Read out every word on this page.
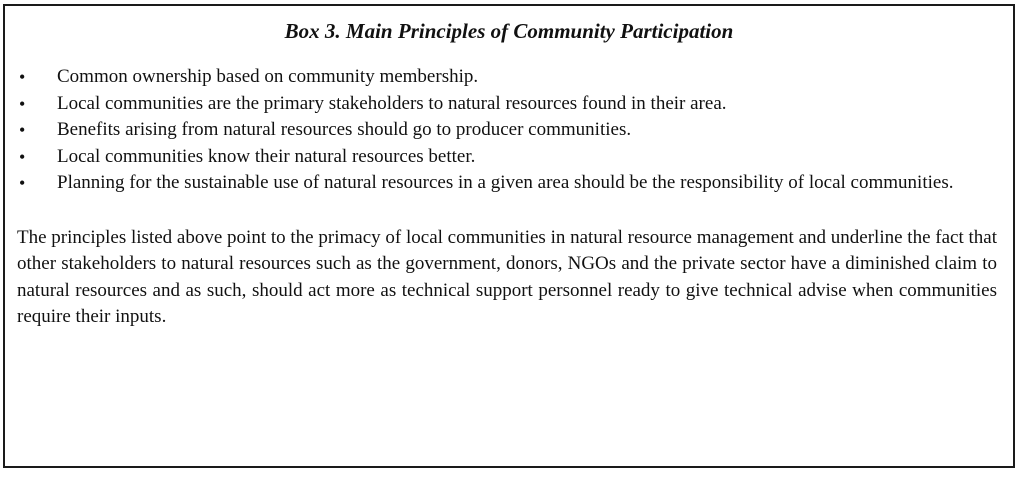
Box 3. Main Principles of Community Participation
• Common ownership based on community membership.
• Local communities are the primary stakeholders to natural resources found in their area.
• Benefits arising from natural resources should go to producer communities.
• Local communities know their natural resources better.
• Planning for the sustainable use of natural resources in a given area should be the responsibility of local communities.

The principles listed above point to the primacy of local communities in natural resource management and underline the fact that other stakeholders to natural resources such as the government, donors, NGOs and the private sector have a diminished claim to natural resources and as such, should act more as technical support personnel ready to give technical advise when communities require their inputs.
